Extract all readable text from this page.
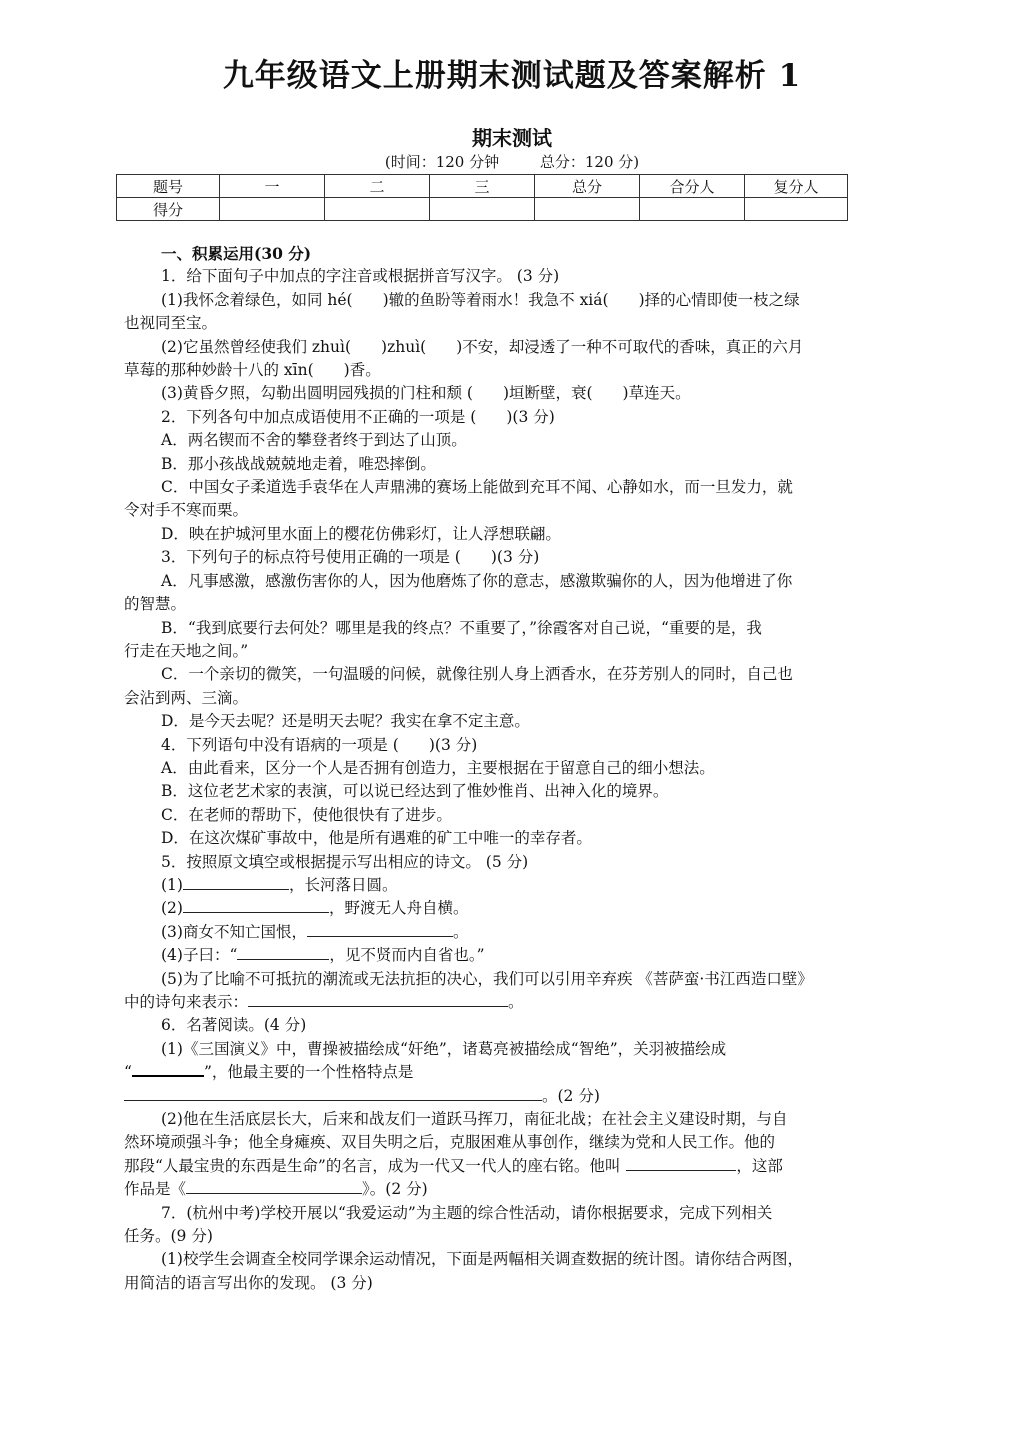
九年级语文上册期末测试题及答案解析 1
期末测试
(时间：120 分钟	总分：120 分)
题号	一	二	三	总分	合分人	复分人
得分						

一、积累运用(30 分)

1．给下面句子中加点的字注音或根据拼音写汉字。 (3 分)

(1)我怀念着绿色，如同 hé( )辙的鱼盼等着雨水！我急不 xiá( )择的心情即使一枝之绿

也视同至宝。

(2)它虽然曾经使我们 zhuì( )zhuì( )不安，却浸透了一种不可取代的香味，真正的六月

草莓的那种妙龄十八的 xīn( )香。

(3)黄昏夕照，勾勒出圆明园残损的门柱和颓 ( )垣断壁，衰( )草连天。

2．下列各句中加点成语使用不正确的一项是 ( )(3 分)

A．两名锲而不舍的攀登者终于到达了山顶。

B．那小孩战战兢兢地走着，唯恐摔倒。

C．中国女子柔道选手袁华在人声鼎沸的赛场上能做到充耳不闻、心静如水，而一旦发力，就

令对手不寒而栗。

D．映在护城河里水面上的樱花仿佛彩灯，让人浮想联翩。

3．下列句子的标点符号使用正确的一项是 ( )(3 分)

A．凡事感激，感激伤害你的人，因为他磨炼了你的意志，感激欺骗你的人，因为他增进了你

的智慧。

B．“我到底要行去何处？哪里是我的终点？不重要了，”徐霞客对自己说，“重要的是，我

行走在天地之间。”

C．一个亲切的微笑，一句温暖的问候，就像往别人身上洒香水，在芬芳别人的同时，自己也

会沾到两、三滴。

D．是今天去呢？还是明天去呢？我实在拿不定主意。

4．下列语句中没有语病的一项是 ( )(3 分)

A．由此看来，区分一个人是否拥有创造力，主要根据在于留意自己的细小想法。

B．这位老艺术家的表演，可以说已经达到了惟妙惟肖、出神入化的境界。

C．在老师的帮助下，使他很快有了进步。

D．在这次煤矿事故中，他是所有遇难的矿工中唯一的幸存者。

5．按照原文填空或根据提示写出相应的诗文。 (5 分)

(1)	，长河落日圆。

(2)	，野渡无人舟自横。

(3)商女不知亡国恨，	。

(4)子曰：“	，见不贤而内自省也。”

(5)为了比喻不可抵抗的潮流或无法抗拒的决心，我们可以引用辛弃疾 《菩萨蛮·书江西造口壁》

中的诗句来表示：	。

6．名著阅读。(4 分)

(1)《三国演义》中，曹操被描绘成“奸绝”，诸葛亮被描绘成“智绝”，关羽被描绘成

“	”，他最主要的一个性格特点是

。(2 分)

(2)他在生活底层长大，后来和战友们一道跃马挥刀，南征北战；在社会主义建设时期，与自

然环境顽强斗争；他全身瘫痪、双目失明之后，克服困难从事创作，继续为党和人民工作。他的

那段“人最宝贵的东西是生命”的名言，成为一代又一代人的座右铭。他叫	，这部

作品是《	》。(2 分)

7．(杭州中考)学校开展以“我爱运动”为主题的综合性活动，请你根据要求，完成下列相关

任务。(9 分)

(1)校学生会调查全校同学课余运动情况，下面是两幅相关调查数据的统计图。请你结合两图，

用简洁的语言写出你的发现。 (3 分)
